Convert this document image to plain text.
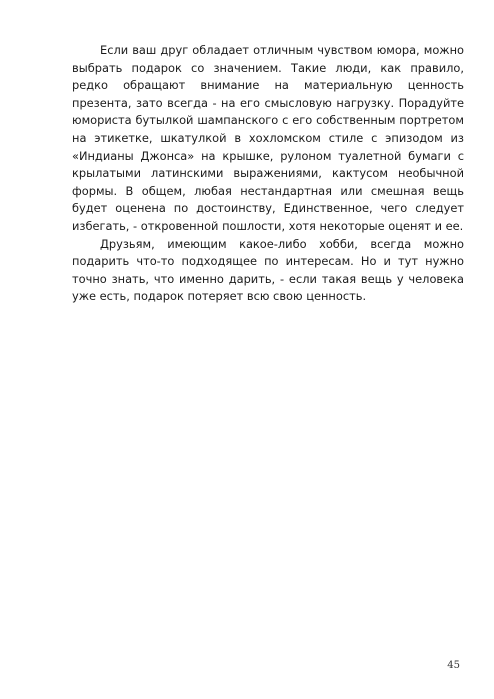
Если ваш друг обладает отличным чувством юмора, можно выбрать подарок со значением. Такие люди, как правило, редко обращают внимание на материальную ценность презента, зато всегда - на его смысловую нагрузку. Порадуйте юмориста бутылкой шампанского с его собственным портретом на этикетке, шкатулкой в хохломском стиле с эпизодом из «Индианы Джонса» на крышке, рулоном туалетной бумаги с крылатыми латинскими выражениями, кактусом необычной формы. В общем, любая нестандартная или смешная вещь будет оценена по достоинству, Единственное, чего следует избегать, - откровенной пошлости, хотя некоторые оценят и ее.

Друзьям, имеющим какое-либо хобби, всегда можно подарить что-то подходящее по интересам. Но и тут нужно точно знать, что именно дарить, - если такая вещь у человека уже есть, подарок потеряет всю свою ценность.

45
